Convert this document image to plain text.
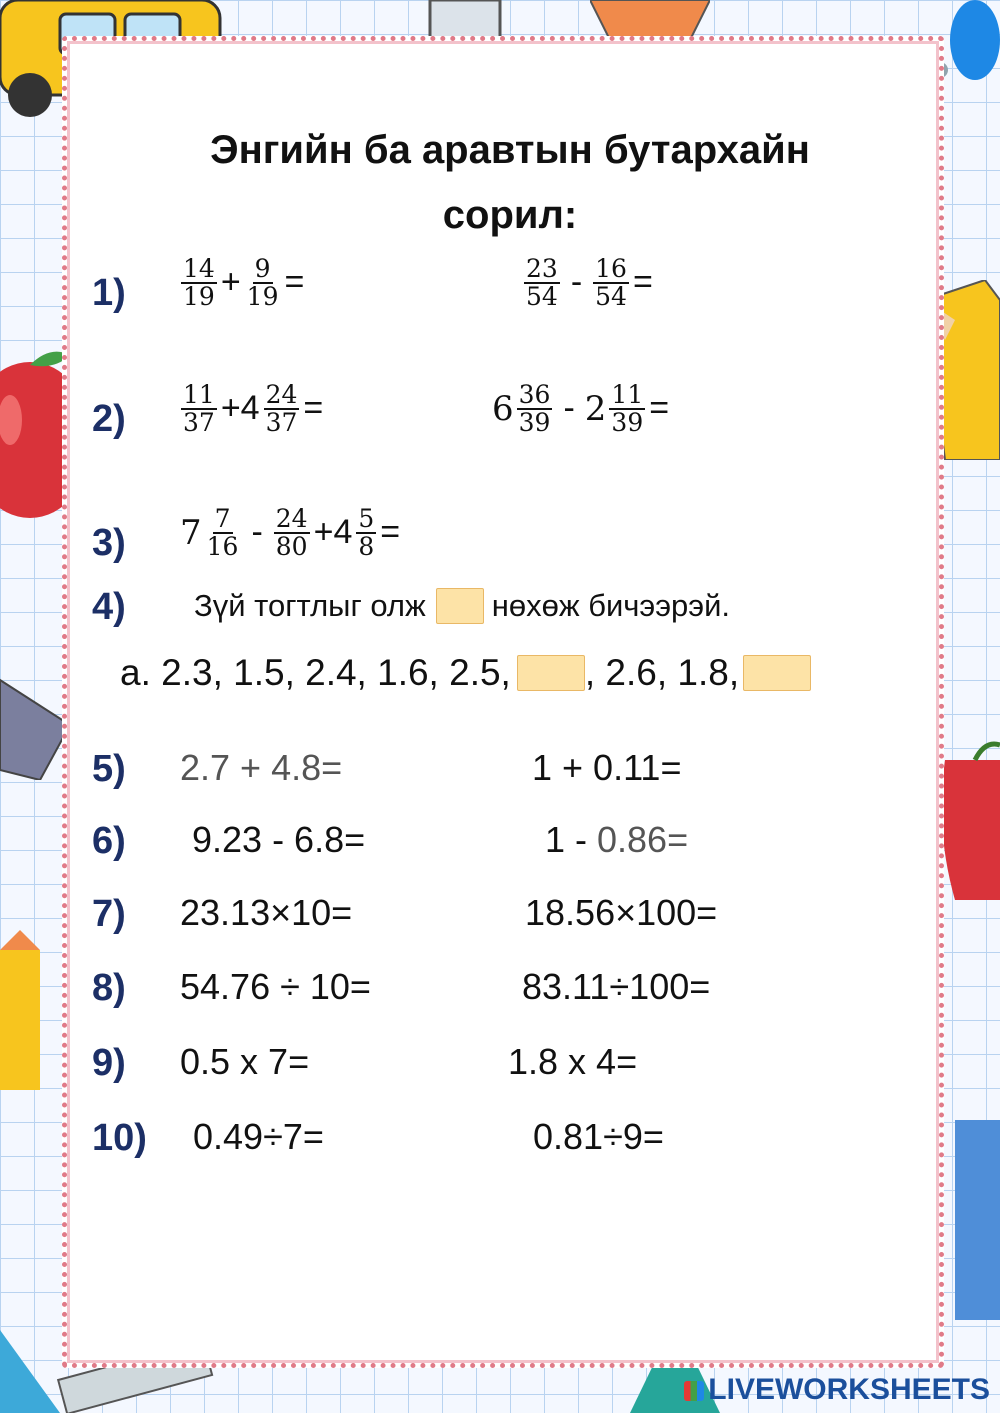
Энгийн ба аравтын бутархайн
сорил:
$1) \frac{14}{19} + \frac{9}{19}$ =	$\frac{23}{54} - \frac{16}{54}$ =
$2) \frac{11}{37} +4 \frac{24}{37}$ =	$6 \frac{36}{39} - 2 \frac{11}{39}$ =
3) $7 \frac{7}{16} - \frac{24}{80} +4 \frac{5}{8}$ =
4) Зүй тогтлыг олж нөхөж бичээрэй.
a. 2.3, 1.5, 2.4, 1.6, 2.5, , 2.6, 1.8,
5) 2.7 + 4.8=	1 + 0.11=
6) 9.23 - 6.8=	1 - 0.86=
7) 23.13×10=	18.56×100=
8) 54.76 ÷ 10=	83.11÷100=
9) 0.5 x 7=	1.8 x 4=
10) 0.49÷7=	0.81÷9=
LIVEWORKSHEETS
